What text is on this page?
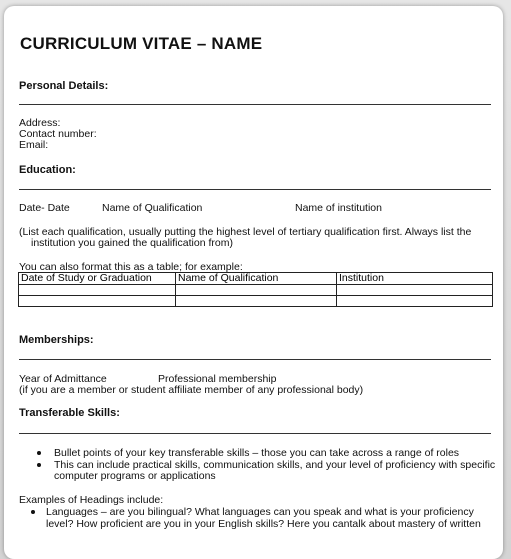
CURRICULUM VITAE – NAME
Personal Details:
Address:
Contact number:
Email:
Education:
Date- Date	Name of Qualification	Name of institution
(List each qualification, usually putting the highest level of tertiary qualification first. Always list the
institution you gained the qualification from)
You can also format this as a table; for example:
Date of Study or Graduation	Name of Qualification	Institution

Memberships:
Year of Admittance	Professional membership
(if you are a member or student affiliate member of any professional body)
Transferable Skills:
Bullet points of your key transferable skills – those you can take across a range of roles
This can include practical skills, communication skills, and your level of proficiency with specific
computer programs or applications
Examples of Headings include:
Languages – are you bilingual? What languages can you speak and what is your proficiency
level? How proficient are you in your English skills? Here you cantalk about mastery of written
